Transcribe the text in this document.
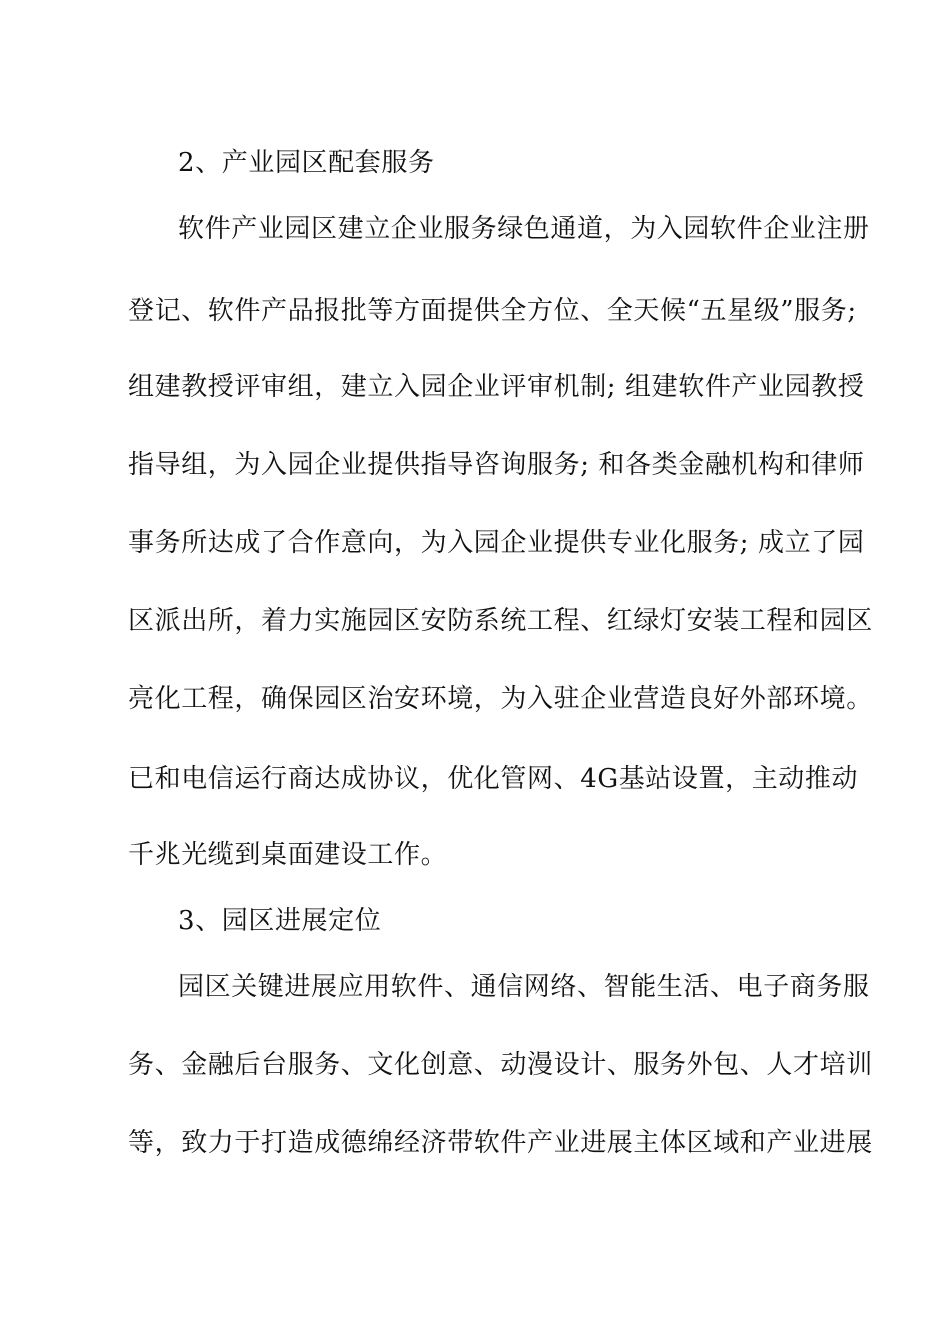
2、产业园区配套服务
软件产业园区建立企业服务绿色通道，为入园软件企业注册
登记、软件产品报批等方面提供全方位、全天候“五星级”服务;
组建教授评审组，建立入园企业评审机制; 组建软件产业园教授
指导组，为入园企业提供指导咨询服务; 和各类金融机构和律师
事务所达成了合作意向，为入园企业提供专业化服务; 成立了园
区派出所，着力实施园区安防系统工程、红绿灯安装工程和园区
亮化工程，确保园区治安环境，为入驻企业营造良好外部环境。
已和电信运行商达成协议，优化管网、4G基站设置，主动推动
千兆光缆到桌面建设工作。
3、园区进展定位
园区关键进展应用软件、通信网络、智能生活、电子商务服
务、金融后台服务、文化创意、动漫设计、服务外包、人才培训
等，致力于打造成德绵经济带软件产业进展主体区域和产业进展
